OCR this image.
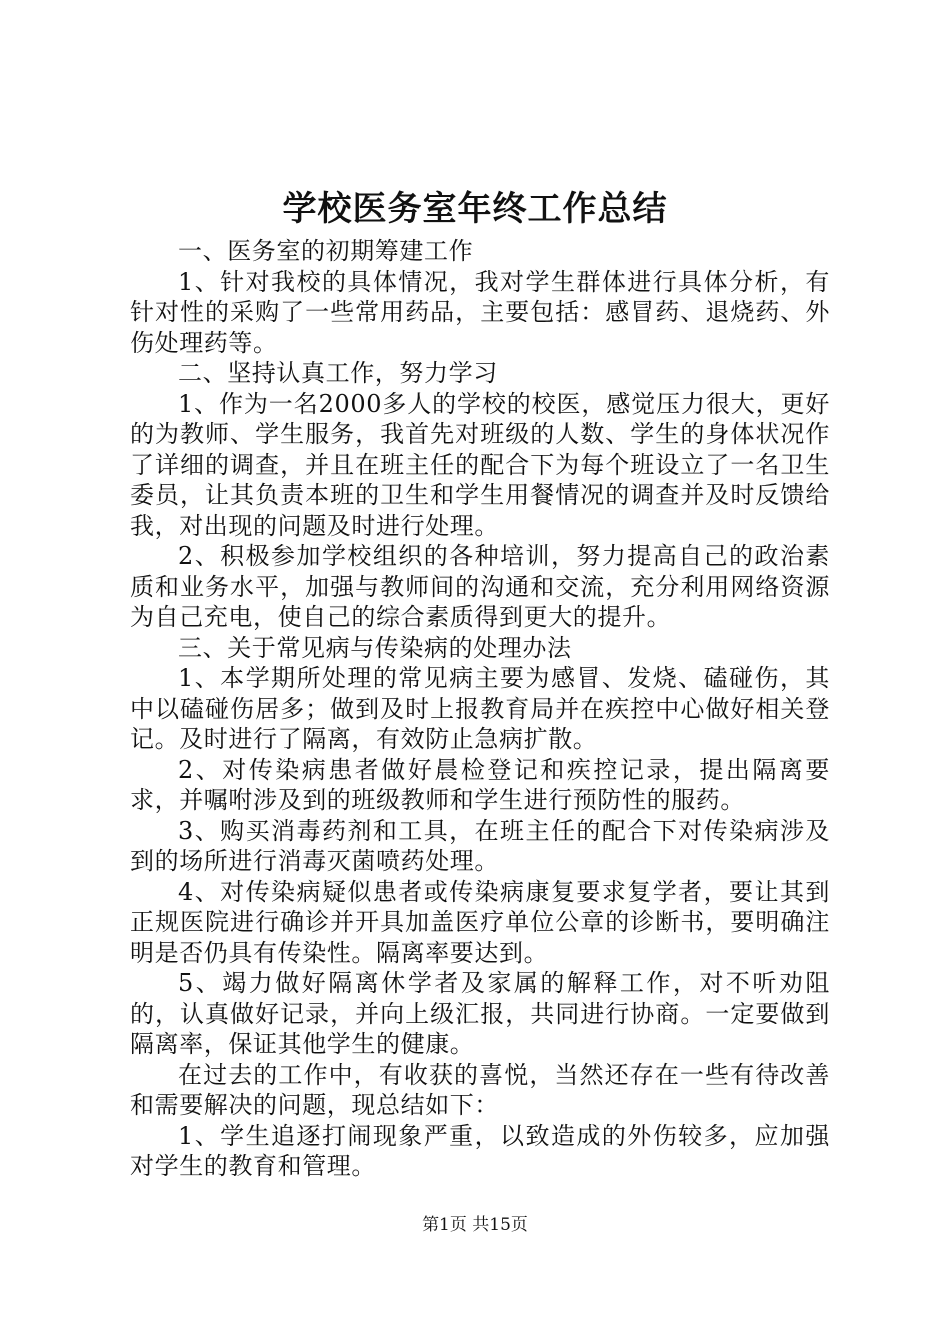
学校医务室年终工作总结

一、医务室的初期筹建工作

1、针对我校的具体情况，我对学生群体进行具体分析，有针对性的采购了一些常用药品，主要包括：感冒药、退烧药、外伤处理药等。

二、坚持认真工作，努力学习

1、作为一名2000多人的学校的校医，感觉压力很大，更好的为教师、学生服务，我首先对班级的人数、学生的身体状况作了详细的调查，并且在班主任的配合下为每个班设立了一名卫生委员，让其负责本班的卫生和学生用餐情况的调查并及时反馈给我，对出现的问题及时进行处理。

2、积极参加学校组织的各种培训，努力提高自己的政治素质和业务水平，加强与教师间的沟通和交流，充分利用网络资源为自己充电，使自己的综合素质得到更大的提升。

三、关于常见病与传染病的处理办法

1、本学期所处理的常见病主要为感冒、发烧、磕碰伤，其中以磕碰伤居多；做到及时上报教育局并在疾控中心做好相关登记。及时进行了隔离，有效防止急病扩散。

2、对传染病患者做好晨检登记和疾控记录，提出隔离要求，并嘱咐涉及到的班级教师和学生进行预防性的服药。

3、购买消毒药剂和工具，在班主任的配合下对传染病涉及到的场所进行消毒灭菌喷药处理。

4、对传染病疑似患者或传染病康复要求复学者，要让其到正规医院进行确诊并开具加盖医疗单位公章的诊断书，要明确注明是否仍具有传染性。隔离率要达到。

5、竭力做好隔离休学者及家属的解释工作，对不听劝阻的，认真做好记录，并向上级汇报，共同进行协商。一定要做到隔离率，保证其他学生的健康。

在过去的工作中，有收获的喜悦，当然还存在一些有待改善和需要解决的问题，现总结如下：

1、学生追逐打闹现象严重，以致造成的外伤较多，应加强对学生的教育和管理。

第1页 共15页
